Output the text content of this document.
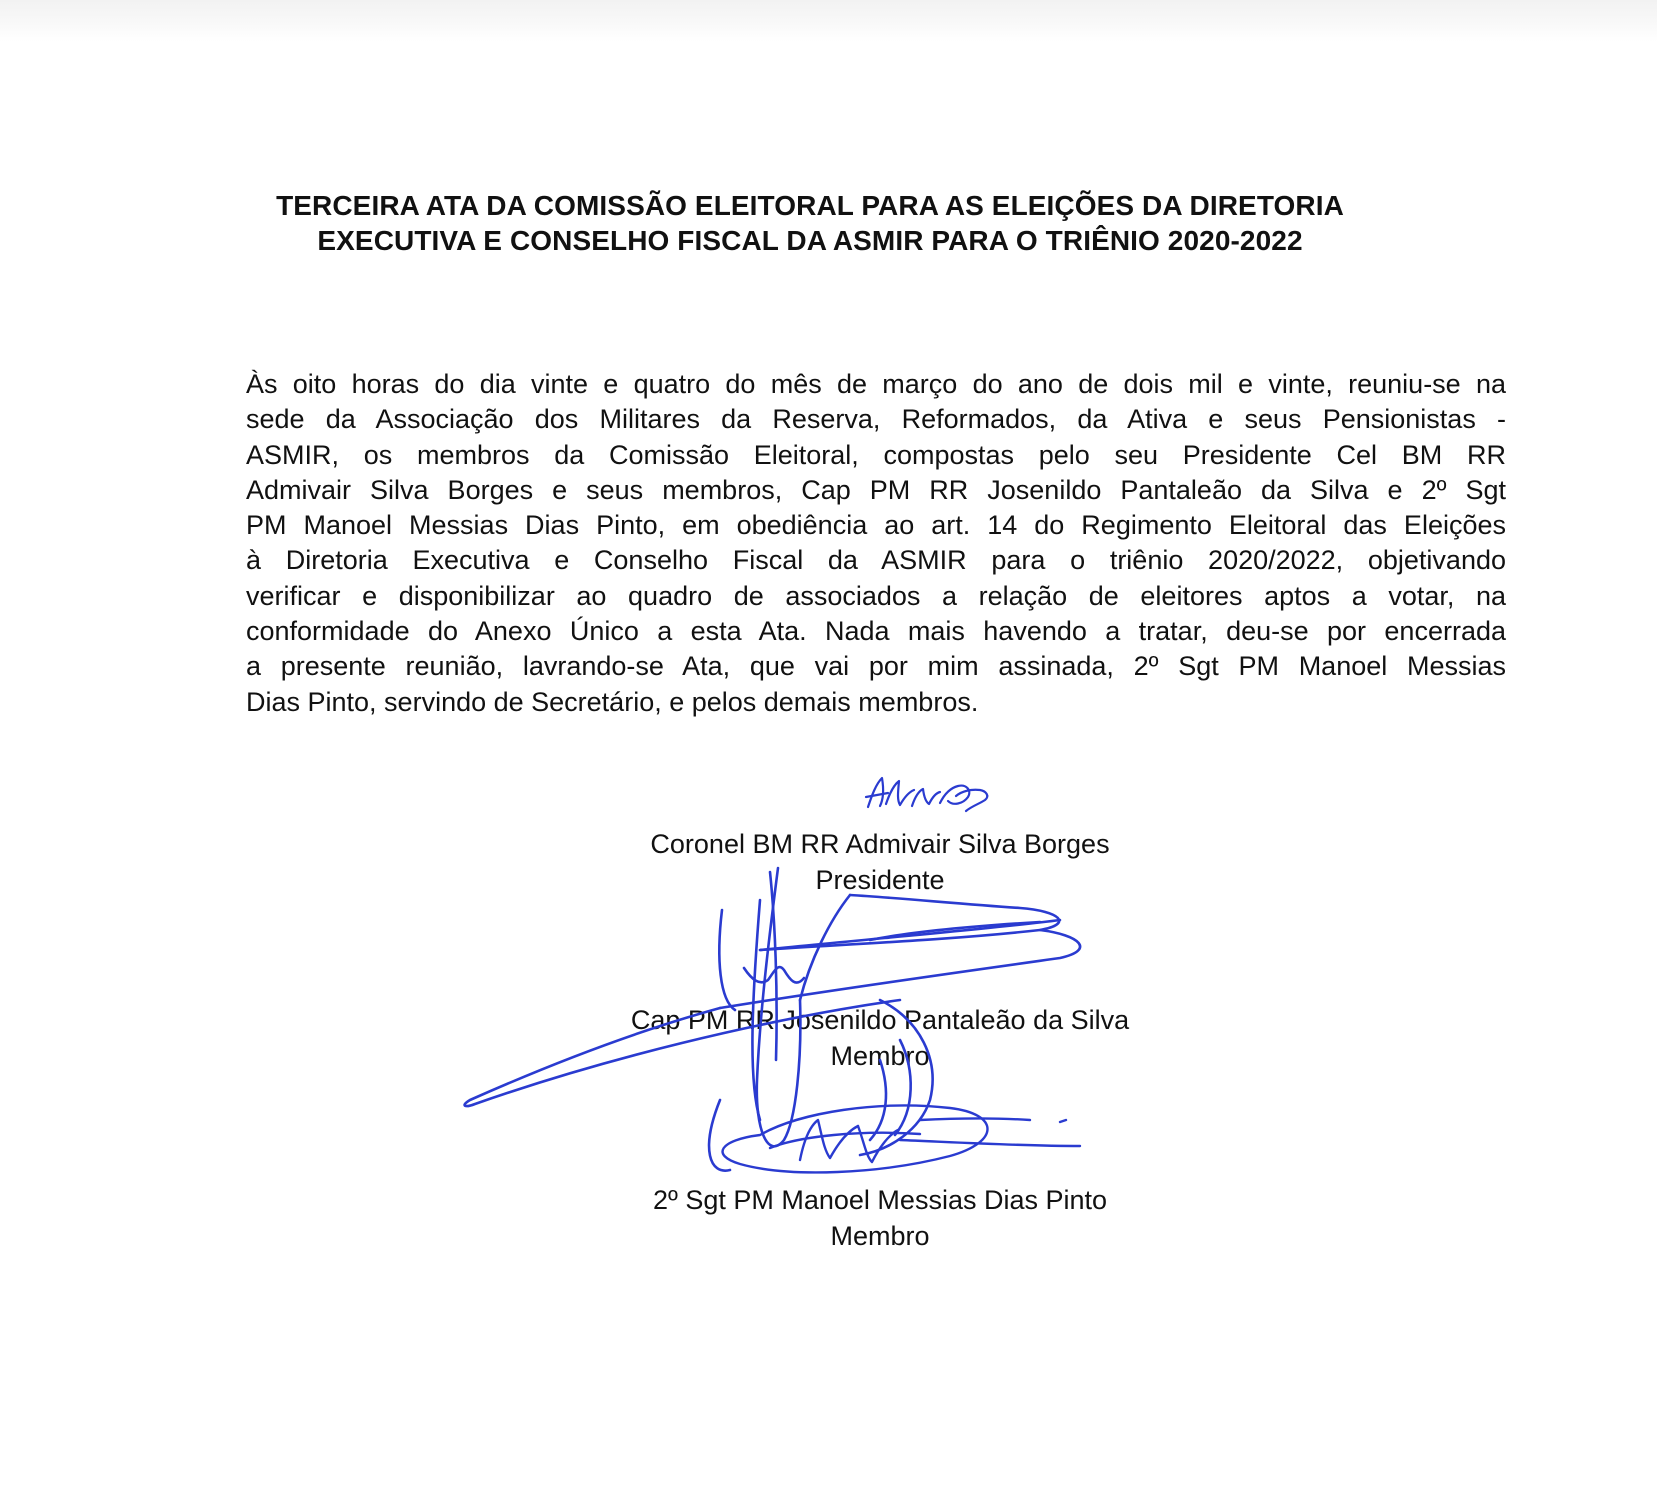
TERCEIRA ATA DA COMISSÃO ELEITORAL PARA AS ELEIÇÕES DA DIRETORIA
EXECUTIVA E CONSELHO FISCAL DA ASMIR PARA O TRIÊNIO 2020-2022
Às oito horas do dia vinte e quatro do mês de março do ano de dois mil e vinte, reuniu-se na
sede da Associação dos Militares da Reserva, Reformados, da Ativa e seus Pensionistas -
ASMIR, os membros da Comissão Eleitoral, compostas pelo seu Presidente Cel BM RR
Admivair Silva Borges e seus membros, Cap PM RR Josenildo Pantaleão da Silva e 2º Sgt
PM Manoel Messias Dias Pinto, em obediência ao art. 14 do Regimento Eleitoral das Eleições
à Diretoria Executiva e Conselho Fiscal da ASMIR para o triênio 2020/2022, objetivando
verificar e disponibilizar ao quadro de associados a relação de eleitores aptos a votar, na
conformidade do Anexo Único a esta Ata. Nada mais havendo a tratar, deu-se por encerrada
a presente reunião, lavrando-se Ata, que vai por mim assinada, 2º Sgt PM Manoel Messias
Dias Pinto, servindo de Secretário, e pelos demais membros.
Coronel BM RR Admivair Silva Borges
Presidente
Cap PM RR Josenildo Pantaleão da Silva
Membro
2º Sgt PM Manoel Messias Dias Pinto
Membro
